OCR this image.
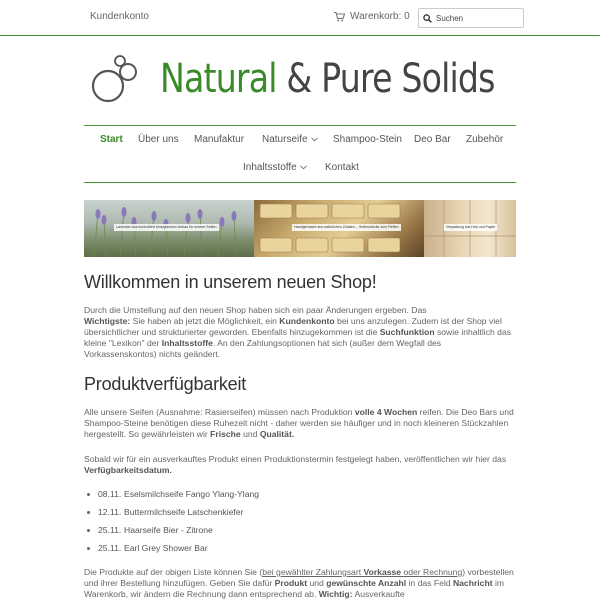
Kundenkonto	Warenkorb: 0
Suchen
Natural & Pure Solids
Start Über uns Manufaktur Naturseife	Shampoo-Stein Deo Bar Zubehör
Inhaltsstoffe	Kontakt
Lavendel aus kontrolliert biologischem Anbau für unsere Seifen	Handgemacht aus natürlichen Zutaten – Seifenstücke zum Reifen	Verpackung aus Holz und Papier
Willkommen in unserem neuen Shop!

Durch die Umstellung auf den neuen Shop haben sich ein paar Änderungen ergeben. Das
Wichtigste: Sie haben ab jetzt die Möglichkeit, ein Kundenkonto bei uns anzulegen. Zudem ist der Shop viel übersichtlicher und strukturierter geworden. Ebenfalls hinzugekommen ist die Suchfunktion sowie inhaltlich das kleine "Lexikon" der Inhaltsstoffe. An den Zahlungsoptionen hat sich (außer dem Wegfall des Vorkassenskontos) nichts geändert.

Produktverfügbarkeit

Alle unsere Seifen (Ausnahme: Rasierseifen) müssen nach Produktion volle 4 Wochen reifen. Die Deo Bars und Shampoo-Steine benötigen diese Ruhezeit nicht - daher werden sie häufiger und in noch kleineren Stückzahlen hergestellt. So gewährleisten wir Frische und Qualität.

Sobald wir für ein ausverkauftes Produkt einen Produktionstermin festgelegt haben, veröffentlichen wir hier das Verfügbarkeitsdatum.

08.11. Eselsmilchseife Fango Ylang-Ylang
12.11. Buttermilchseife Latschenkiefer
25.11. Haarseife Bier - Zitrone
25.11. Earl Grey Shower Bar

Die Produkte auf der obigen Liste können Sie (bei gewählter Zahlungsart Vorkasse oder Rechnung) vorbestellen und ihrer Bestellung hinzufügen. Geben Sie dafür Produkt und gewünschte Anzahl in das Feld Nachricht im Warenkorb, wir ändern die Rechnung dann entsprechend ab. Wichtig: Ausverkaufte
